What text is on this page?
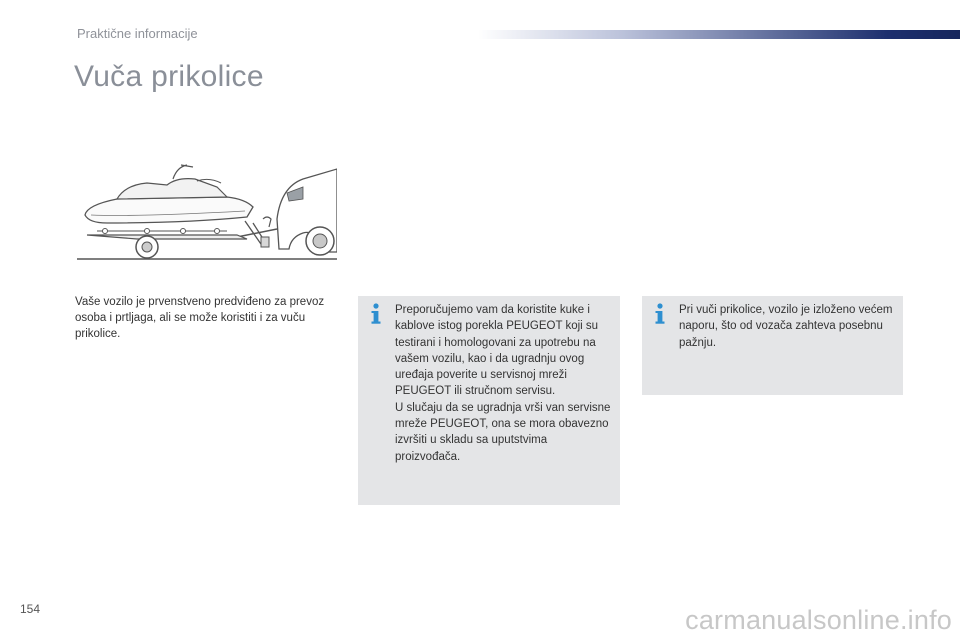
Praktične informacije
Vuča prikolice
Vaše vozilo je prvenstveno predviđeno za prevoz osoba i prtljaga, ali se može koristiti i za vuču prikolice.

Preporučujemo vam da koristite kuke i kablove istog porekla PEUGEOT koji su testirani i homologovani za upotrebu na vašem vozilu, kao i da ugradnju ovog uređaja poverite u servisnoj mreži PEUGEOT ili stručnom servisu.

U slučaju da se ugradnja vrši van servisne mreže PEUGEOT, ona se mora obavezno izvršiti u skladu sa uputstvima proizvođača.

Pri vuči prikolice, vozilo je izloženo većem naporu, što od vozača zahteva posebnu pažnju.

154	carmanualsonline.info
